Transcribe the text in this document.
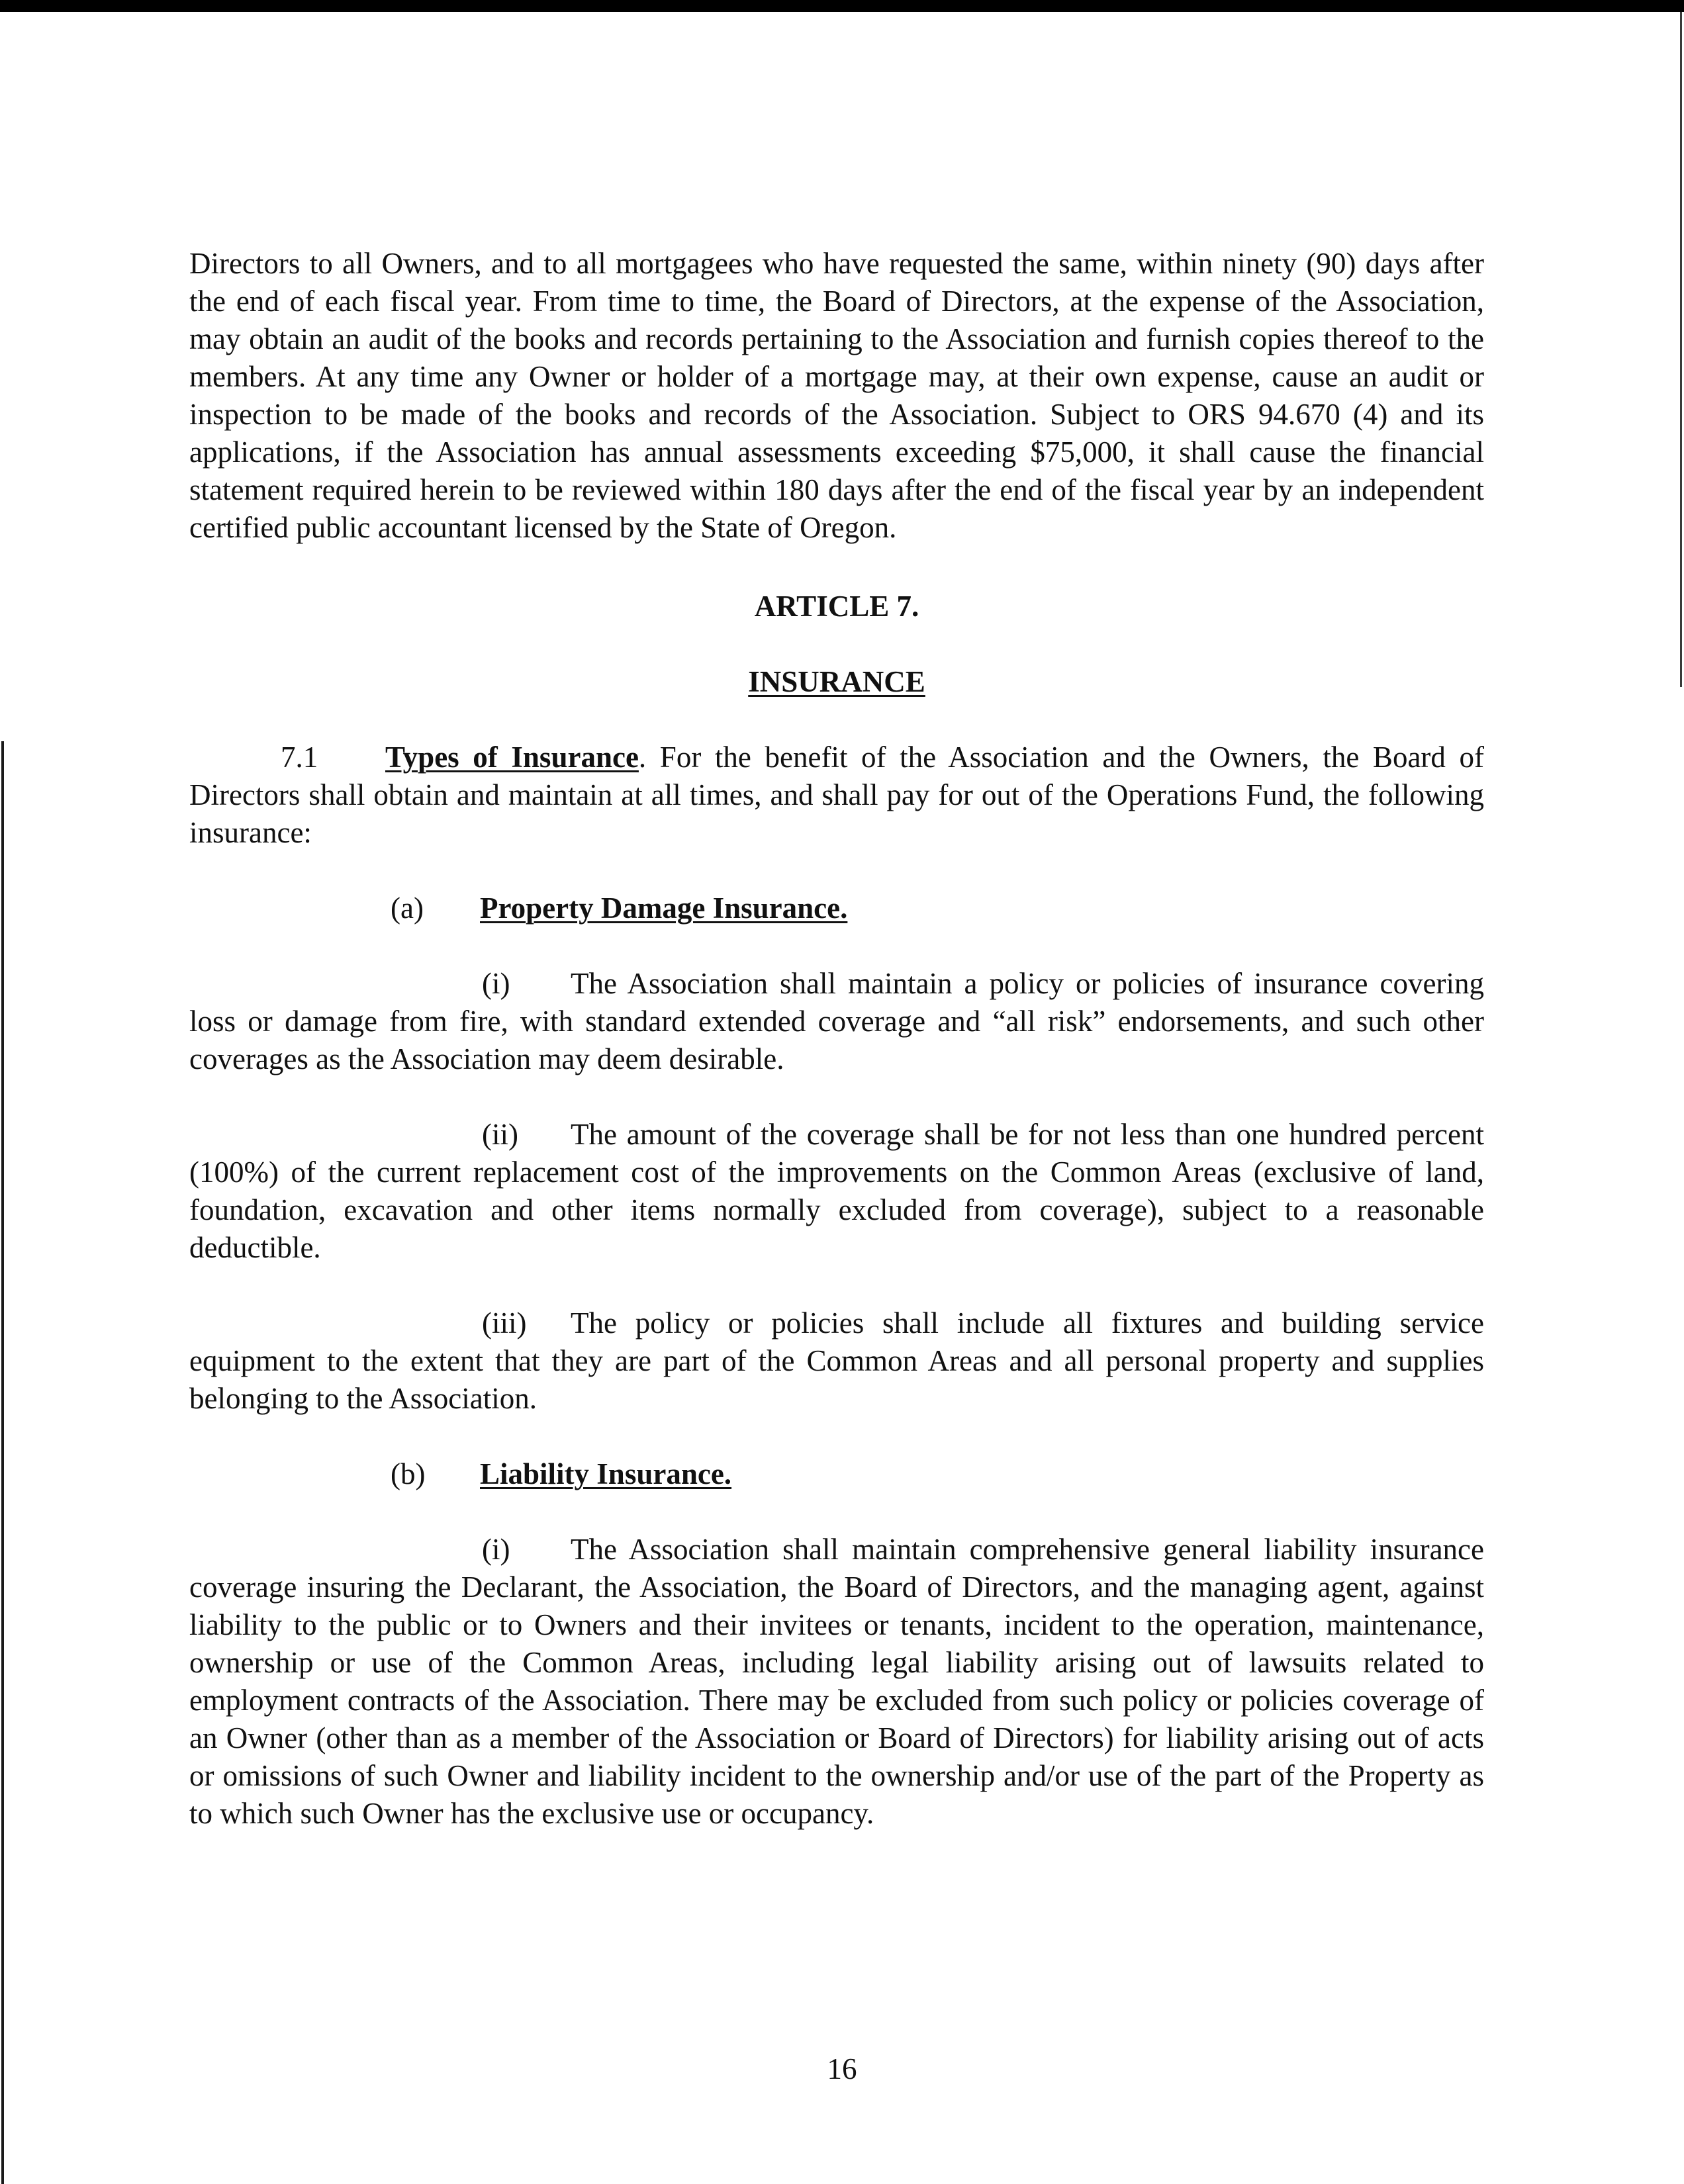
Directors to all Owners, and to all mortgagees who have requested the same, within ninety (90) days after the end of each fiscal year. From time to time, the Board of Directors, at the expense of the Association, may obtain an audit of the books and records pertaining to the Association and furnish copies thereof to the members. At any time any Owner or holder of a mortgage may, at their own expense, cause an audit or inspection to be made of the books and records of the Association. Subject to ORS 94.670 (4) and its applications, if the Association has annual assessments exceeding $75,000, it shall cause the financial statement required herein to be reviewed within 180 days after the end of the fiscal year by an independent certified public accountant licensed by the State of Oregon.

ARTICLE 7.

INSURANCE

7.1 Types of Insurance. For the benefit of the Association and the Owners, the Board of Directors shall obtain and maintain at all times, and shall pay for out of the Operations Fund, the following insurance:

(a) Property Damage Insurance.

(i) The Association shall maintain a policy or policies of insurance covering loss or damage from fire, with standard extended coverage and “all risk” endorsements, and such other coverages as the Association may deem desirable.

(ii) The amount of the coverage shall be for not less than one hundred percent (100%) of the current replacement cost of the improvements on the Common Areas (exclusive of land, foundation, excavation and other items normally excluded from coverage), subject to a reasonable deductible.

(iii) The policy or policies shall include all fixtures and building service equipment to the extent that they are part of the Common Areas and all personal property and supplies belonging to the Association.

(b) Liability Insurance.

(i) The Association shall maintain comprehensive general liability insurance coverage insuring the Declarant, the Association, the Board of Directors, and the managing agent, against liability to the public or to Owners and their invitees or tenants, incident to the operation, maintenance, ownership or use of the Common Areas, including legal liability arising out of lawsuits related to employment contracts of the Association. There may be excluded from such policy or policies coverage of an Owner (other than as a member of the Association or Board of Directors) for liability arising out of acts or omissions of such Owner and liability incident to the ownership and/or use of the part of the Property as to which such Owner has the exclusive use or occupancy.

16
